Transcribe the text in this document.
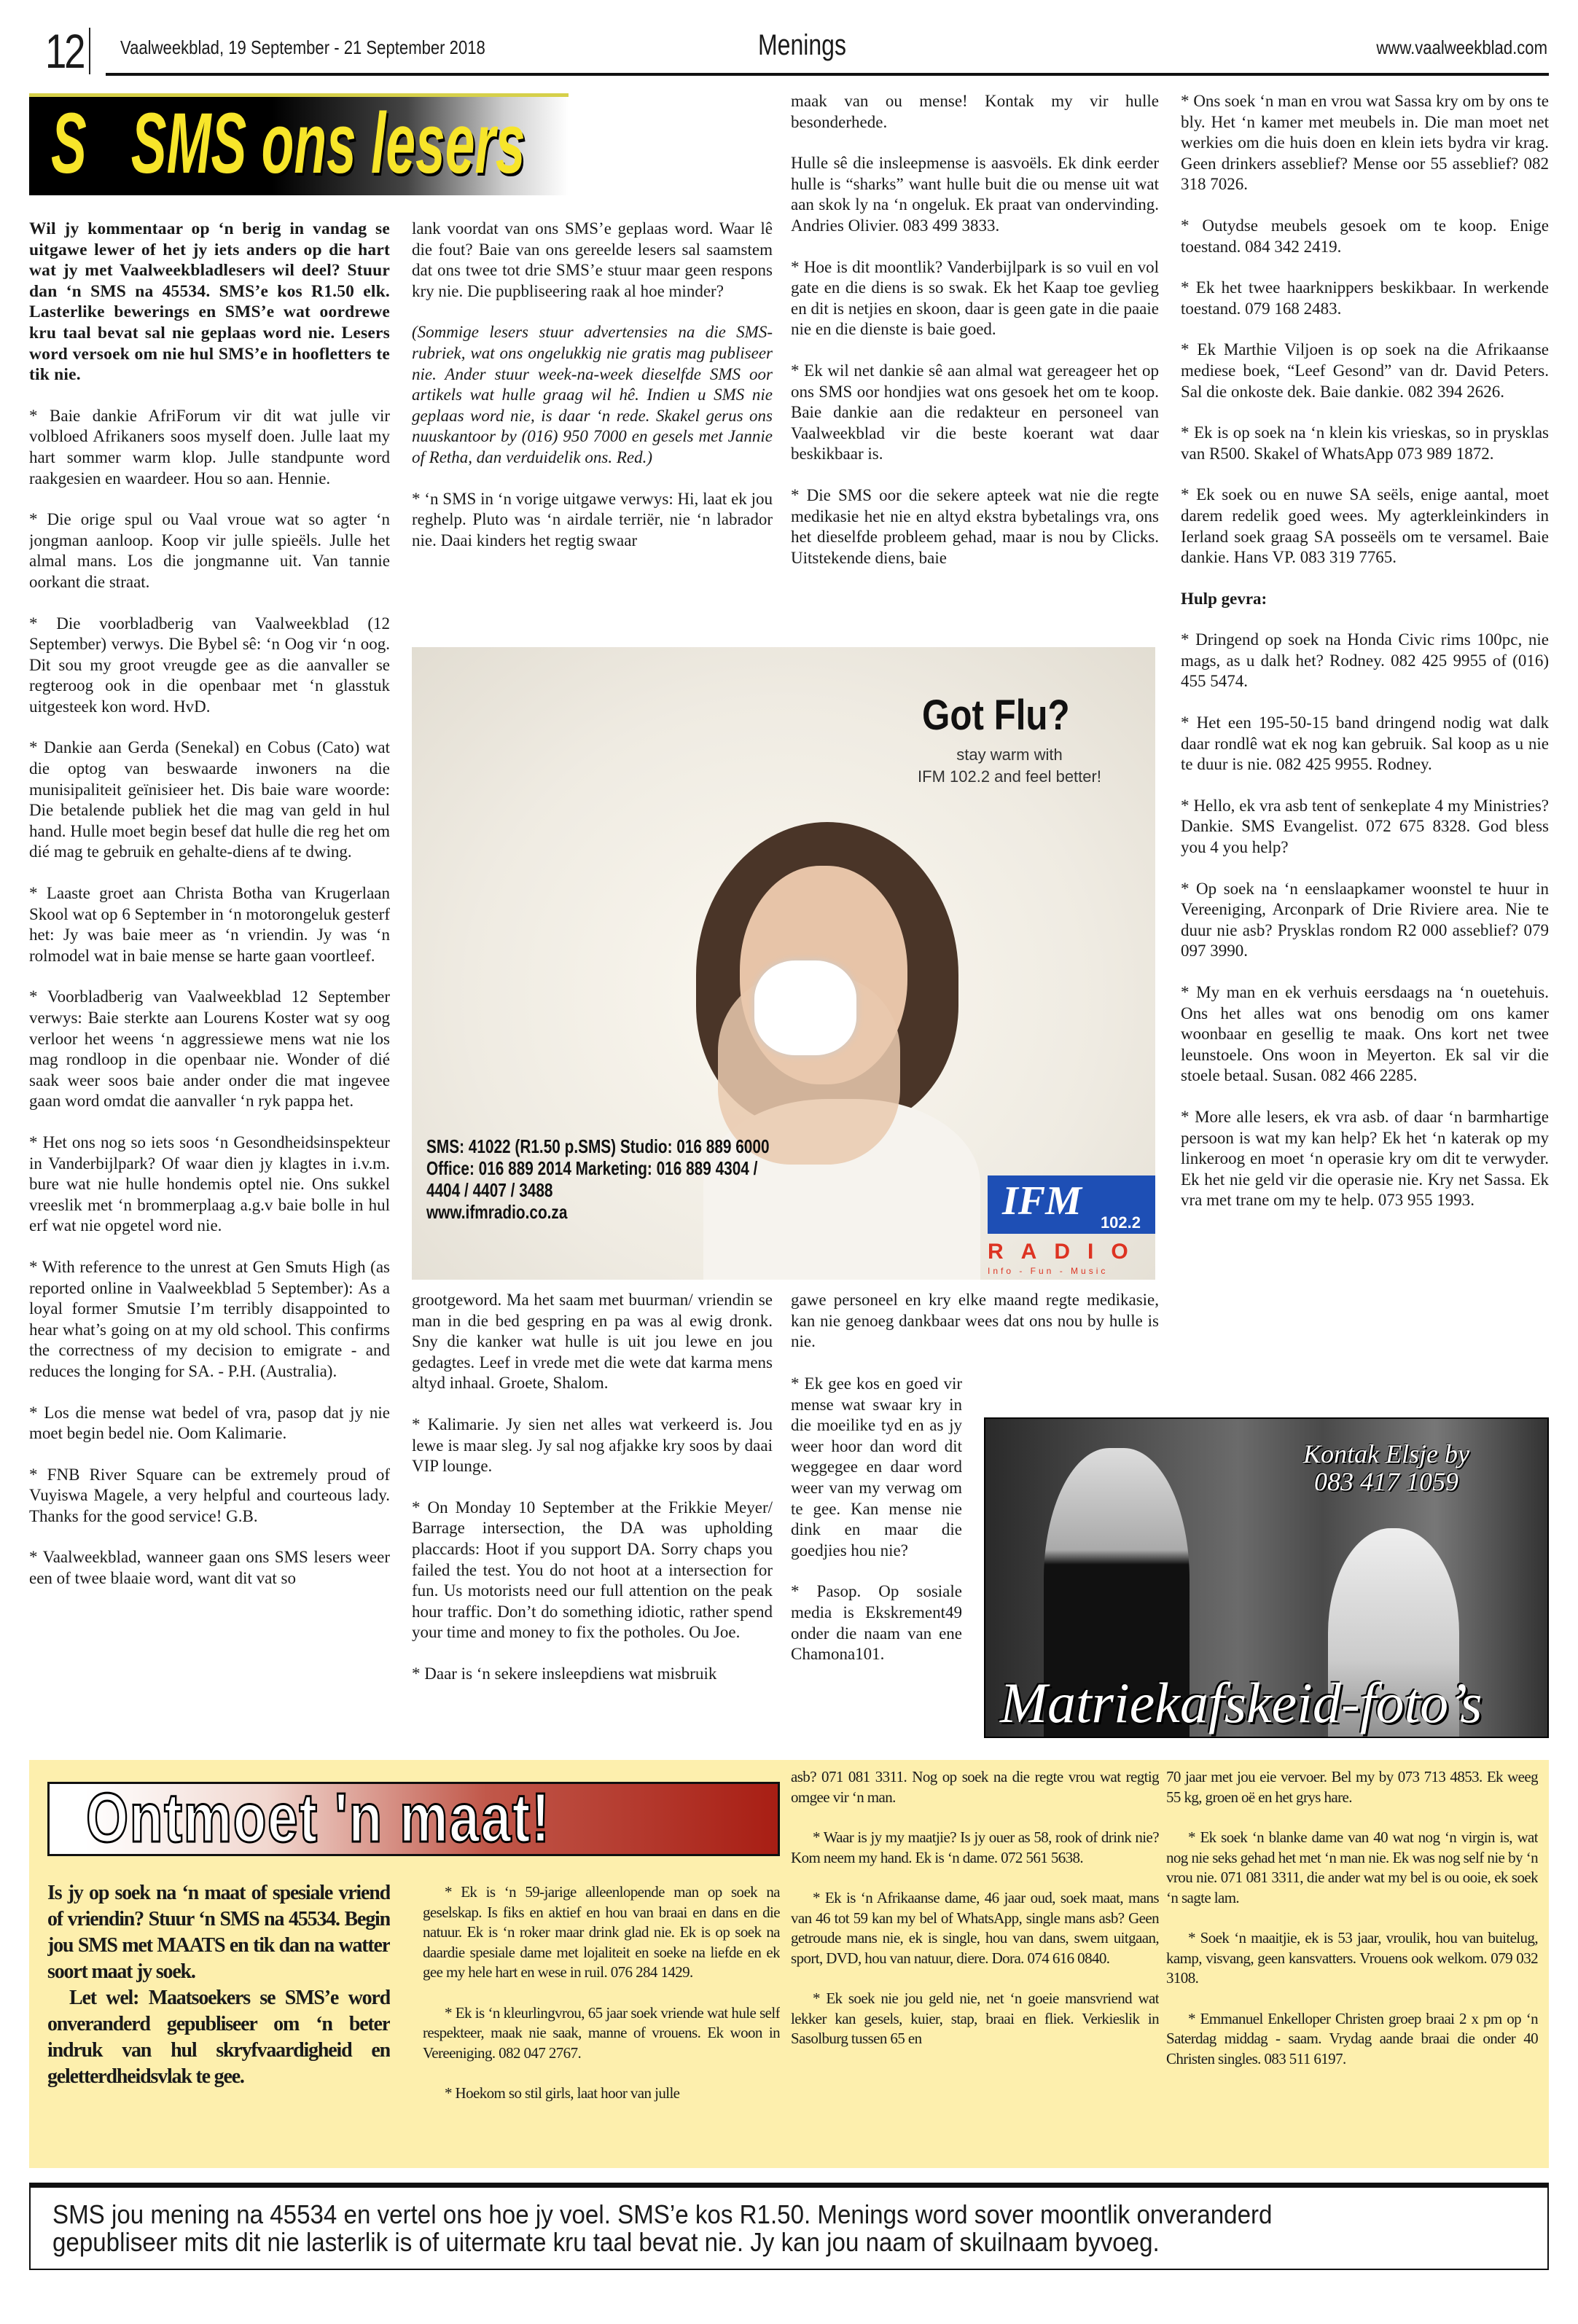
12 Vaalweekblad, 19 September - 21 September 2018	Menings	www.vaalweekblad.com
S   SMS ons lesers

Wil jy kommentaar op ‘n berig in vandag se uitgawe lewer of het jy iets anders op die hart wat jy met Vaalweekbladlesers wil deel? Stuur dan ‘n SMS na 45534. SMS’e kos R1.50 elk. Lasterlike bewerings en SMS’e wat oordrewe kru taal bevat sal nie geplaas word nie. Lesers word versoek om nie hul SMS’e in hoofletters te tik nie.

* Baie dankie AfriForum vir dit wat julle vir volbloed Afrikaners soos myself doen. Julle laat my hart sommer warm klop. Julle standpunte word raakgesien en waardeer. Hou so aan. Hennie.

* Die orige spul ou Vaal vroue wat so agter ‘n jongman aanloop. Koop vir julle spieëls. Julle het almal mans. Los die jongmanne uit. Van tannie oorkant die straat.

* Die voorbladberig van Vaalweekblad (12 September) verwys. Die Bybel sê: ‘n Oog vir ‘n oog. Dit sou my groot vreugde gee as die aanvaller se regteroog ook in die openbaar met ‘n glasstuk uitgesteek kon word. HvD.

* Dankie aan Gerda (Senekal) en Cobus (Cato) wat die optog van beswaarde inwoners na die munisipaliteit geïnisieer het. Dis baie ware woorde: Die betalende publiek het die mag van geld in hul hand. Hulle moet begin besef dat hulle die reg het om dié mag te gebruik en gehalte-diens af te dwing.

* Laaste groet aan Christa Botha van Krugerlaan Skool wat op 6 September in ‘n motorongeluk gesterf het: Jy was baie meer as ‘n vriendin. Jy was ‘n rolmodel wat in baie mense se harte gaan voortleef.

* Voorbladberig van Vaalweekblad 12 September verwys: Baie sterkte aan Lourens Koster wat sy oog verloor het weens ‘n aggressiewe mens wat nie los mag rondloop in die openbaar nie. Wonder of dié saak weer soos baie ander onder die mat ingevee gaan word omdat die aanvaller ‘n ryk pappa het.

* Het ons nog so iets soos ‘n Gesondheidsinspekteur in Vanderbijlpark? Of waar dien jy klagtes in i.v.m. bure wat nie hulle hondemis optel nie. Ons sukkel vreeslik met ‘n brommerplaag a.g.v baie bolle in hul erf wat nie opgetel word nie.

* With reference to the unrest at Gen Smuts High (as reported online in Vaalweekblad 5 September): As a loyal former Smutsie I’m terribly disappointed to hear what’s going on at my old school. This confirms the correctness of my decision to emigrate - and reduces the longing for SA. - P.H. (Australia).

* Los die mense wat bedel of vra, pasop dat jy nie moet begin bedel nie. Oom Kalimarie.

* FNB River Square can be extremely proud of Vuyiswa Magele, a very helpful and courteous lady. Thanks for the good service! G.B.

* Vaalweekblad, wanneer gaan ons SMS lesers weer een of twee blaaie word, want dit vat so

lank voordat van ons SMS’e geplaas word. Waar lê die fout? Baie van ons gereelde lesers sal saamstem dat ons twee tot drie SMS’e stuur maar geen respons kry nie. Die pupbliseering raak al hoe minder?

(Sommige lesers stuur advertensies na die SMS-rubriek, wat ons ongelukkig nie gratis mag publiseer nie. Ander stuur week-na-week dieselfde SMS oor artikels wat hulle graag wil hê. Indien u SMS nie geplaas word nie, is daar ‘n rede. Skakel gerus ons nuuskantoor by (016) 950 7000 en gesels met Jannie of Retha, dan verduidelik ons. Red.)

* ‘n SMS in ‘n vorige uitgawe verwys: Hi, laat ek jou reghelp. Pluto was ‘n airdale terriër, nie ‘n labrador nie. Daai kinders het regtig swaar

grootgeword. Ma het saam met buurman/ vriendin se man in die bed gespring en pa was al ewig dronk. Sny die kanker wat hulle is uit jou lewe en jou gedagtes. Leef in vrede met die wete dat karma mens altyd inhaal. Groete, Shalom.

* Kalimarie. Jy sien net alles wat verkeerd is. Jou lewe is maar sleg. Jy sal nog afjakke kry soos by daai VIP lounge.

* On Monday 10 September at the Frikkie Meyer/ Barrage intersection, the DA was upholding placcards: Hoot if you support DA. Sorry chaps you failed the test. You do not hoot at a intersection for fun. Us motorists need our full attention on the peak hour traffic. Don’t do something idiotic, rather spend your time and money to fix the potholes. Ou Joe.

* Daar is ‘n sekere insleepdiens wat misbruik

maak van ou mense! Kontak my vir hulle besonderhede.

Hulle sê die insleepmense is aasvoëls. Ek dink eerder hulle is “sharks” want hulle buit die ou mense uit wat aan skok ly na ‘n ongeluk. Ek praat van ondervinding. Andries Olivier. 083 499 3833.

* Hoe is dit moontlik? Vanderbijlpark is so vuil en vol gate en die diens is so swak. Ek het Kaap toe gevlieg en dit is netjies en skoon, daar is geen gate in die paaie nie en die dienste is baie goed.

* Ek wil net dankie sê aan almal wat gereageer het op ons SMS oor hondjies wat ons gesoek het om te koop. Baie dankie aan die redakteur en personeel van Vaalweekblad vir die beste koerant wat daar beskikbaar is.

* Die SMS oor die sekere apteek wat nie die regte medikasie het nie en altyd ekstra bybetalings vra, ons het dieselfde probleem gehad, maar is nou by Clicks. Uitstekende diens, baie

gawe personeel en kry elke maand regte medikasie, kan nie genoeg dankbaar wees dat ons nou by hulle is nie.

* Ek gee kos en goed vir mense wat swaar kry in die moeilike tyd en as jy weer hoor dan word dit weggegee en daar word weer van my verwag om te gee. Kan mense nie dink en maar die goedjies hou nie?

* Pasop. Op sosiale media is Ekskrement49 onder die naam van ene Chamona101.

* Ons soek ‘n man en vrou wat Sassa kry om by ons te bly. Het ‘n kamer met meubels in. Die man moet net werkies om die huis doen en klein iets bydra vir krag. Geen drinkers asseblief? Mense oor 55 asseblief? 082 318 7026.

* Outydse meubels gesoek om te koop. Enige toestand. 084 342 2419.

* Ek het twee haarknippers beskikbaar. In werkende toestand. 079 168 2483.

* Ek Marthie Viljoen is op soek na die Afrikaanse mediese boek, “Leef Gesond” van dr. David Peters. Sal die onkoste dek. Baie dankie. 082 394 2626.

* Ek is op soek na ‘n klein kis vrieskas, so in prysklas van R500. Skakel of WhatsApp 073 989 1872.

* Ek soek ou en nuwe SA seëls, enige aantal, moet darem redelik goed wees. My agterkleinkinders in Ierland soek graag SA posseëls om te versamel. Baie dankie. Hans VP. 083 319 7765.

Hulp gevra:

* Dringend op soek na Honda Civic rims 100pc, nie mags, as u dalk het? Rodney. 082 425 9955 of (016) 455 5474.

* Het een 195-50-15 band dringend nodig wat dalk daar rondlê wat ek nog kan gebruik. Sal koop as u nie te duur is nie. 082 425 9955. Rodney.

* Hello, ek vra asb tent of senkeplate 4 my Ministries? Dankie. SMS Evangelist. 072 675 8328. God bless you 4 you help?

* Op soek na ‘n eenslaapkamer woonstel te huur in Vereeniging, Arconpark of Drie Riviere area. Nie te duur nie asb? Prysklas rondom R2 000 asseblief? 079 097 3990.

* My man en ek verhuis eersdaags na ‘n ouetehuis. Ons het alles wat ons benodig om ons kamer woonbaar en gesellig te maak. Ons kort net twee leunstoele. Ons woon in Meyerton. Ek sal vir die stoele betaal. Susan. 082 466 2285.

* More alle lesers, ek vra asb. of daar ‘n barmhartige persoon is wat my kan help? Ek het ‘n katerak op my linkeroog en moet ‘n operasie kry om dit te verwyder. Ek het nie geld vir die operasie nie. Kry net Sassa. Ek vra met trane om my te help. 073 955 1993.

Got Flu?
stay warm with
IFM 102.2 and feel better!
SMS: 41022 (R1.50 p.SMS) Studio: 016 889 6000
Office: 016 889 2014 Marketing: 016 889 4304 /
4404 / 4407 / 3488
www.ifmradio.co.za	IFM	102.2
RADIO
Info - Fun - Music
Kontak Elsje by
083 417 1059
Matriekafskeid-foto’s
Ontmoet 'n maat!

Is jy op soek na ‘n maat of spesiale vriend of vriendin? Stuur ‘n SMS na 45534. Begin jou SMS met MAATS en tik dan na watter soort maat jy soek.

Let wel: Maatsoekers se SMS’e word onveranderd gepubliseer om ‘n beter indruk van hul skryfvaardigheid en geletterdheidsvlak te gee.

* Ek is ‘n 59-jarige alleenlopende man op soek na geselskap. Is fiks en aktief en hou van braai en dans en die natuur. Ek is ‘n roker maar drink glad nie. Ek is op soek na daardie spesiale dame met lojaliteit en soeke na liefde en ek gee my hele hart en wese in ruil. 076 284 1429.

* Ek is ‘n kleurlingvrou, 65 jaar soek vriende wat hule self respekteer, maak nie saak, manne of vrouens. Ek woon in Vereeniging. 082 047 2767.

* Hoekom so stil girls, laat hoor van julle

asb? 071 081 3311. Nog op soek na die regte vrou wat regtig omgee vir ‘n man.

* Waar is jy my maatjie? Is jy ouer as 58, rook of drink nie? Kom neem my hand. Ek is ‘n dame. 072 561 5638.

* Ek is ‘n Afrikaanse dame, 46 jaar oud, soek maat, mans van 46 tot 59 kan my bel of WhatsApp, single mans asb? Geen getroude mans nie, ek is single, hou van dans, swem uitgaan, sport, DVD, hou van natuur, diere. Dora. 074 616 0840.

* Ek soek nie jou geld nie, net ‘n goeie mansvriend wat lekker kan gesels, kuier, stap, braai en fliek. Verkieslik in Sasolburg tussen 65 en

70 jaar met jou eie vervoer. Bel my by 073 713 4853. Ek weeg 55 kg, groen oë en het grys hare.

* Ek soek ‘n blanke dame van 40 wat nog ‘n virgin is, wat nog nie seks gehad het met ‘n man nie. Ek was nog self nie by ‘n vrou nie. 071 081 3311, die ander wat my bel is ou ooie, ek soek ‘n sagte lam.

* Soek ‘n maaitjie, ek is 53 jaar, vroulik, hou van buitelug, kamp, visvang, geen kansvatters. Vrouens ook welkom. 079 032 3108.

* Emmanuel Enkelloper Christen groep braai 2 x pm op ‘n Saterdag middag - saam. Vrydag aande braai die onder 40 Christen singles. 083 511 6197.

SMS jou mening na 45534 en vertel ons hoe jy voel. SMS’e kos R1.50. Menings word sover moontlik onveranderd
gepubliseer mits dit nie lasterlik is of uitermate kru taal bevat nie. Jy kan jou naam of skuilnaam byvoeg.
